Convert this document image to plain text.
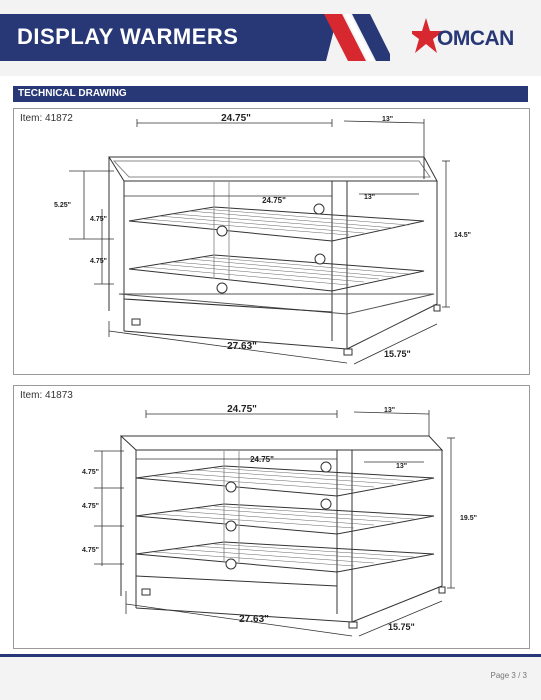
DISPLAY WARMERS	OMCAN
TECHNICAL DRAWING
Item: 41872	24.75"	13"
24.75"	13"
14.5"
5.25"
4.75"
4.75"
27.63"
15.75"
Item: 41873
24.75"	13"
24.75"
13"
19.5"
4.75"
4.75"
4.75"
27.63"
15.75"
Page 3 / 3
